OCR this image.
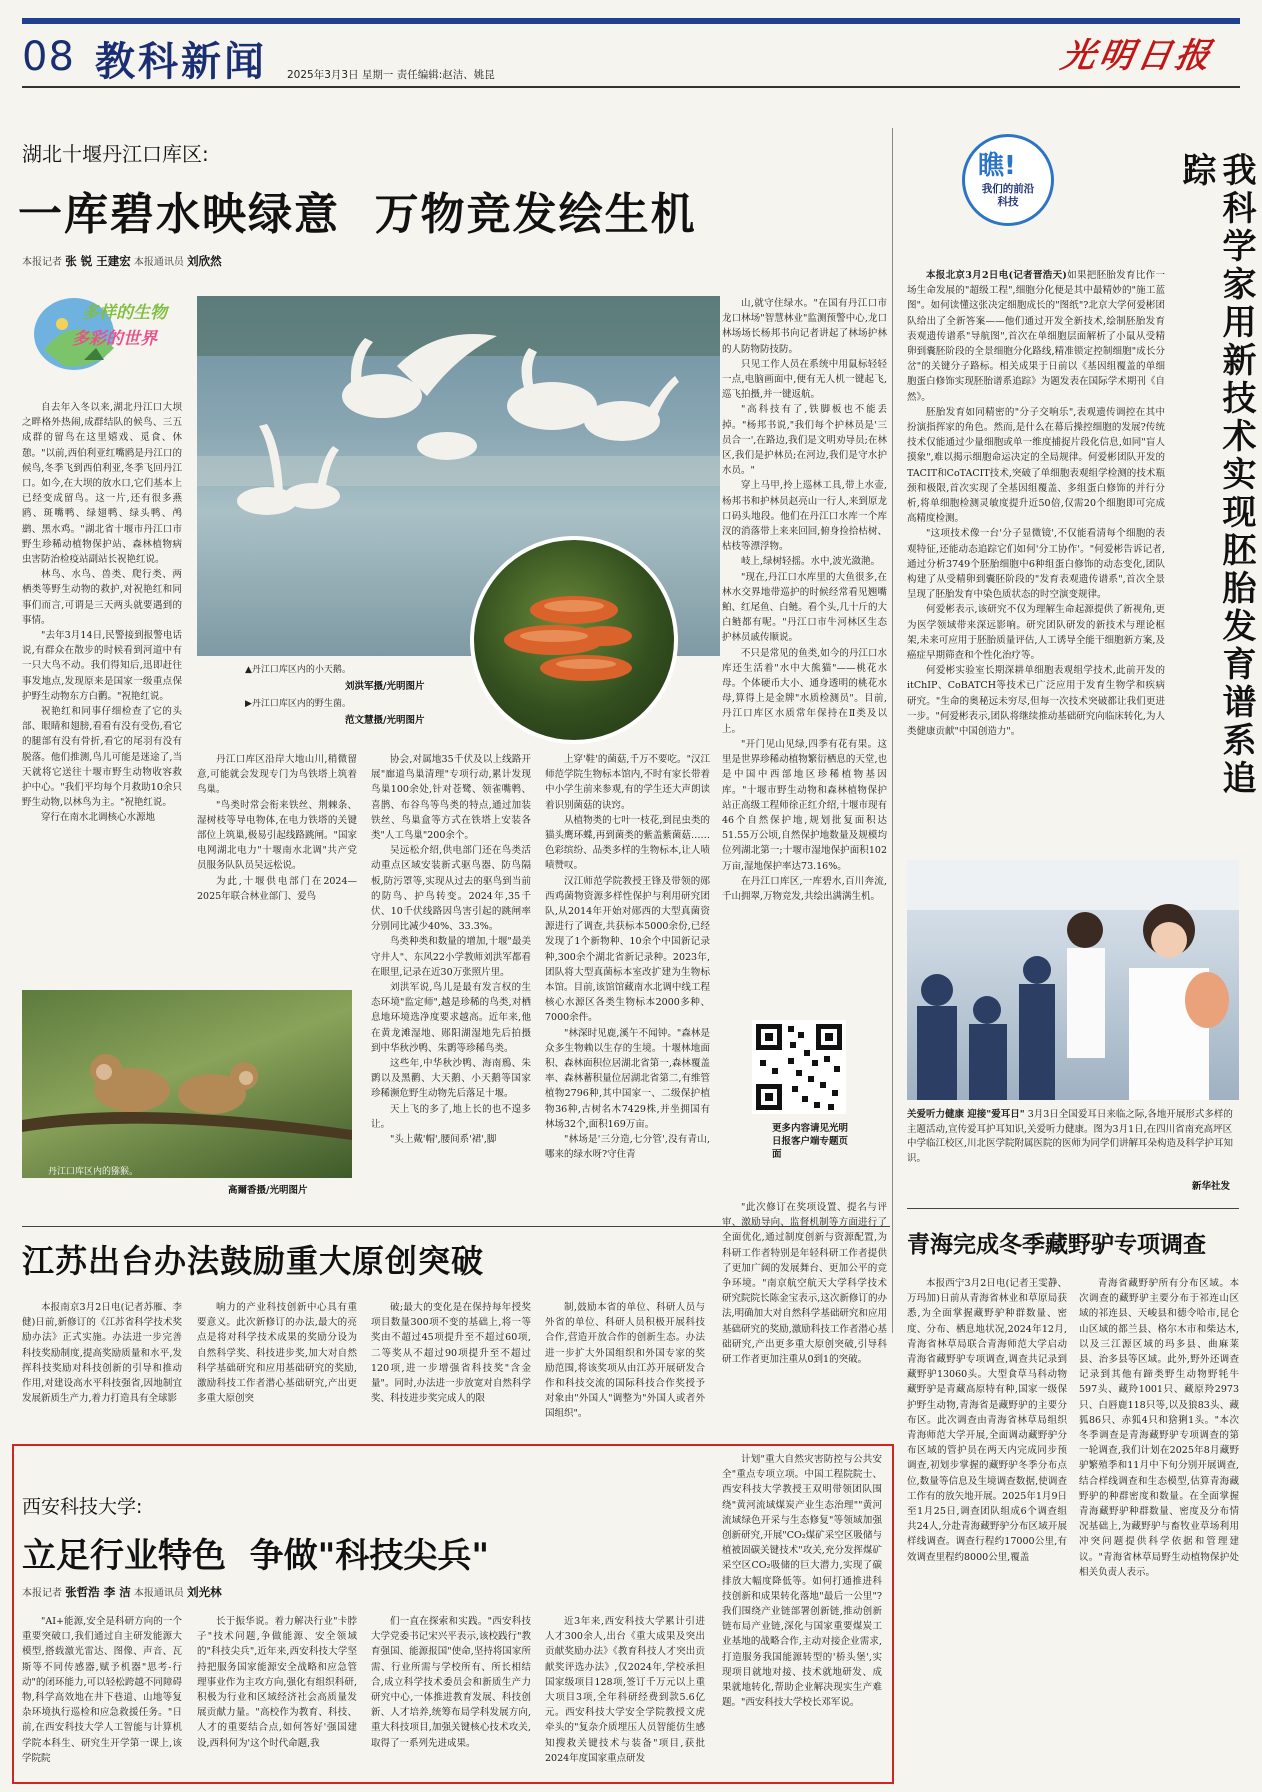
08 教科新闻 2025年3月3日 星期一 责任编辑:赵洁、姚昆	光明日报
湖北十堰丹江口库区:
一库碧水映绿意  万物竞发绘生机
本报记者 张 锐 王建宏 本报通讯员 刘欣然
多样的生物
多彩的世界
▲丹江口库区内的小天鹅。
刘洪军摄/光明图片
▶丹江口库区内的野生菌。
范文慧摄/光明图片

自去年入冬以来,湖北丹江口大坝之畔格外热闹,成群结队的候鸟、三五成群的留鸟在这里嬉戏、觅食、休憩。"以前,西伯利亚红嘴鸥是丹江口的候鸟,冬季飞到西伯利亚,冬季飞回丹江口。如今,在大坝的放水口,它们基本上已经变成留鸟。这一片,还有很多燕鸥、斑嘴鸭、绿翅鸭、绿头鸭、鸬鹚、黑水鸡。"湖北省十堰市丹江口市野生珍稀动植物保护站、森林植物病虫害防治检疫站副站长祝艳红说。

林鸟、水鸟、兽类、爬行类、两栖类等野生动物的救护,对祝艳红和同事们而言,可谓是三天两头就要遇到的事情。

"去年3月14日,民警接到报警电话说,有群众在散步的时候看到河道中有一只大鸟不动。我们得知后,迅即赶往事发地点,发现原来是国家一级重点保护野生动物东方白鹳。"祝艳红说。

祝艳红和同事仔细检查了它的头部、眼睛和翅膀,看看有没有受伤,看它的腿部有没有骨折,看它的尾羽有没有脱落。他们推测,鸟儿可能是迷途了,当天就将它送往十堰市野生动物收容救护中心。"我们平均每个月救助10余只野生动物,以林鸟为主。"祝艳红说。

穿行在南水北调核心水源地

丹江口库区沿岸大地山川,稍微留意,可能就会发现专门为鸟铁塔上筑着鸟巢。

"鸟类时常会衔来铁丝、荆棘条、湿树枝等导电物体,在电力铁塔的关键部位上筑巢,极易引起线路跳闸。"国家电网湖北电力"十堰南水北调"共产党员服务队队员吴远松说。

为此,十堰供电部门在2024—2025年联合林业部门、爱鸟

协会,对属地35千伏及以上线路开展"廊道鸟巢清理"专项行动,累计发现鸟巢100余处,针对苍鹭、领雀嘴鹎、喜鹊、布谷鸟等鸟类的特点,通过加装铁丝、鸟巢盒等方式在铁塔上安装各类"人工鸟巢"200余个。

吴远松介绍,供电部门还在鸟类活动重点区域安装新式驱鸟器、防鸟隔板,防污罩等,实现从过去的驱鸟到当前的防鸟、护鸟转变。2024年,35千伏、10千伏线路因鸟害引起的跳闸率分别同比减少40%、33.3%。

鸟类种类和数量的增加,十堰"最美守井人"、东风22小学教师刘洪军都看在眼里,记录在近30万张照片里。

刘洪军说,鸟儿是最有发言权的生态环境"监定师",越是珍稀的鸟类,对栖息地环境选净度要求越高。近年来,他在黄龙滩湿地、郧阳湖湿地先后拍摄到中华秋沙鸭、朱鹮等珍稀鸟类。

这些年,中华秋沙鸭、海南鳽、朱鹮以及黑鹳、大天鹅、小天鹅等国家珍稀濒危野生动物先后落足十堰。

天上飞的多了,地上长的也不遑多让。

"头上戴'帽',腰间系'裙',脚

上穿'鞋'的菌菇,千万不要吃。"汉江师范学院生物标本馆内,不时有家长带着中小学生前来参观,有的学生还大声朗读着识别菌菇的诀窍。

从植物类的七叶一枝花,到昆虫类的猫头鹰环蝶,再到菌类的紫盖紫菌菇……色彩缤纷、品类多样的生物标本,让人啧啧赞叹。

汉江师范学院教授王锋及带领的郧西鸡菌物资源多样性保护与利用研究团队,从2014年开始对郧西的大型真菌资源进行了调查,共获标本5000余份,已经发现了1个新物种、10余个中国新记录种,300余个湖北省新记录种。2023年,团队将大型真菌标本室改扩建为生物标本馆。目前,该馆馆藏南水北调中线工程核心水源区各类生物标本2000多种、7000余件。

"林深时见鹿,溪午不闻钟。"森林是众多生物赖以生存的生境。十堰林地面积、森林面积位居湖北省第一,森林覆盖率、森林蓄积量位居湖北省第二,有维管植物2796种,其中国家一、二级保护植物36种,古树名木7429株,并坐拥国有林场32个,面积169万亩。

"林场是'三分造,七分管',没有青山,哪来的绿水呀?守住青

山,就守住绿水。"在国有丹江口市龙口林场"智慧林业"监测预警中心,龙口林场场长杨邦书向记者讲起了林场护林的人防物防技防。

只见工作人员在系统中用鼠标轻轻一点,电脑画面中,便有无人机一键起飞,巡飞拍摄,并一键返航。

"高科技有了,铁脚板也不能丢掉。"杨邦书说,"我们每个护林员是'三员合一',在路边,我们是文明劝导员;在林区,我们是护林员;在河边,我们是守水护水员。"

穿上马甲,拎上巡林工具,带上水壶,杨邦书和护林员赵亮山一行人,来到原龙口码头地段。他们在丹江口水库一个库汊的消落带上来来回回,俯身捡拾枯树、枯枝等漂浮物。

岐上,绿树轻摇。水中,波光潋滟。

"现在,丹江口水库里的大鱼很多,在林水交界地带巡护的时候经常看见翘嘴鲌、红尾鱼、白鲢。看个头,几十斤的大白鲢都有呢。"丹江口市牛河林区生态护林员戚传顺说。

不只是常见的鱼类,如今的丹江口水库还生活着"水中大熊猫"——桃花水母。个体硬币大小、通身透明的桃花水母,算得上是金牌"水质检测员"。目前,丹江口库区水质常年保持在Ⅱ类及以上。

"开门见山见绿,四季有花有果。这里是世界珍稀动植物繁衍栖息的天堂,也是中国中西部地区珍稀植物基因库。"十堰市野生动物和森林植物保护站正高级工程师徐正红介绍,十堰市现有46个自然保护地,规划批复面积达51.55万公顷,自然保护地数量及规模均位列湖北第一;十堰市湿地保护面积102万亩,湿地保护率达73.16%。

在丹江口库区,一库碧水,百川奔流,千山拥翠,万物竞发,共绘出满满生机。

丹江口库区内的猕猴。
高爾香摄/光明图片
更多内容请见光明日报客户端专题页面
瞧!
我们的前沿科技	我科学家用新技术实现胚胎发育谱系追踪

本报北京3月2日电(记者晋浩天)如果把胚胎发育比作一场生命发展的"超级工程",细胞分化便是其中最精妙的"施工蓝图"。如何读懂这张决定细胞成长的"图纸"?北京大学何爱彬团队给出了全新答案——他们通过开发全新技术,绘制胚胎发育表观遗传谱系"导航图",首次在单细胞层面解析了小鼠从受精卵到囊胚阶段的全景细胞分化路线,精准锁定控制细胞"成长分岔"的关键分子路标。相关成果于日前以《基因组覆盖的单细胞蛋白修饰实现胚胎谱系追踪》为题发表在国际学术期刊《自然》。

胚胎发育如同精密的"分子交响乐",表观遗传调控在其中扮演指挥家的角色。然而,是什么在幕后操控细胞的发展?传统技术仅能通过少量细胞或单一维度捕捉片段化信息,如同"盲人摸象",难以揭示细胞命运决定的全局规律。何爱彬团队开发的TACIT和CoTACIT技术,突破了单细胞表观组学检测的技术瓶颈和极限,首次实现了全基因组覆盖、多组蛋白修饰的并行分析,将单细胞检测灵敏度提升近50倍,仅需20个细胞即可完成高精度检测。

"这项技术像一台'分子显微镜',不仅能看清每个细胞的表观特征,还能动态追踪它们如何'分工协作'。"何爱彬告诉记者,通过分析3749个胚胎细胞中6种组蛋白修饰的动态变化,团队构建了从受精卵到囊胚阶段的"发育表观遗传谱系",首次全景呈现了胚胎发育中染色质状态的时空演变规律。

何爱彬表示,该研究不仅为理解生命起源提供了新视角,更为医学领域带来深远影响。研究团队研发的新技术与理论框架,未来可应用于胚胎质量评估,人工诱导全能干细胞新方案,及癌症早期筛查和个性化治疗等。

何爱彬实验室长期深耕单细胞表观组学技术,此前开发的itChIP、CoBATCH等技术已广泛应用于发育生物学和疾病研究。"生命的奥秘远未穷尽,但每一次技术突破都让我们更进一步。"何爱彬表示,团队将继续推动基础研究向临床转化,为人类健康贡献"中国创造力"。

关爱听力健康 迎接"爱耳日" 3月3日全国爱耳日来临之际,各地开展形式多样的主题活动,宣传爱耳护耳知识,关爱听力健康。图为3月1日,在四川省南充高坪区中学临江校区,川北医学院附属医院的医师为同学们讲解耳朵构造及科学护耳知识。
新华社发
江苏出台办法鼓励重大原创突破

本报南京3月2日电(记者苏雁、李健)日前,新修订的《江苏省科学技术奖励办法》正式实施。办法进一步完善科技奖励制度,提高奖励质量和水平,发挥科技奖励对科技创新的引导和推动作用,对建设高水平科技强省,因地制宜发展新质生产力,着力打造具有全球影

响力的产业科技创新中心具有重要意义。此次新修订的办法,最大的亮点是将对科学技术成果的奖励分设为自然科学奖、科技进步奖,加大对自然科学基础研究和应用基础研究的奖励,激励科技工作者潜心基础研究,产出更多重大原创突

破;最大的变化是在保持每年授奖项目数量300项不变的基础上,将一等奖由不超过45项提升至不超过60项,二等奖从不超过90项提升至不超过120项,进一步增强省科技奖"含金量"。同时,办法进一步放宽对自然科学奖、科技进步奖完成人的限

制,鼓励本省的单位、科研人员与外省的单位、科研人员积极开展科技合作,营造开放合作的创新生态。办法进一步扩大外国组织和外国专家的奖励范围,将该奖项从由江苏开展研发合作和科技交流的国际科技合作奖授予对象由"外国人"调整为"外国人或者外国组织"。

"此次修订在奖项设置、提名与评审、激励导向、监督机制等方面进行了全面优化,通过制度创新与资源配置,为科研工作者特别是年轻科研工作者提供了更加广阔的发展舞台、更加公平的竞争环境。"南京航空航天大学科学技术研究院院长陈金宝表示,这次新修订的办法,明确加大对自然科学基础研究和应用基础研究的奖励,激励科技工作者潜心基础研究,产出更多重大原创突破,引导科研工作者更加注重从0到1的突破。

西安科技大学:
立足行业特色  争做"科技尖兵"
本报记者 张哲浩 李 洁 本报通讯员 刘光林

"AI+能源,安全是科研方向的一个重要突破口,我们通过自主研发能源大模型,搭载激光雷达、图像、声音、瓦斯等不同传感器,赋予机器"思考-行动"的闭环能力,可以轻松跨越不同障碍物,科学高效地在井下巷道、山地等复杂环境执行巡检和应急救援任务。"日前,在西安科技大学人工智能与计算机学院本科生、研究生开学第一课上,该学院院

长于振华说。着力解决行业"卡脖子"技术问题,争做能源、安全领域的"科技尖兵",近年来,西安科技大学坚持把服务国家能源安全战略和应急管理事业作为主攻方向,强化有组织科研,积极为行业和区域经济社会高质量发展贡献力量。"高校作为教育、科技、人才的重要结合点,如何答好'强国建设,西科何为'这个时代命题,我

们一直在探索和实践。"西安科技大学党委书记宋兴平表示,该校践行"教育强国、能源报国"使命,坚持将国家所需、行业所需与学校所有、所长相结合,成立科学技术委员会和新质生产力研究中心,一体推进教育发展、科技创新、人才培养,统筹布局学科发展方向,重大科技项目,加强关键核心技术攻关,取得了一系列先进成果。

近3年来,西安科技大学累计引进人才300余人,出台《重大成果及突出贡献奖励办法》《教育科技人才突出贡献奖评选办法》,仅2024年,学校承担国家级项目128项,签订千万元以上重大项目3项,全年科研经费到款5.6亿元。西安科技大学安全学院教授文虎牵头的"复杂介质埋压人员智能仿生感知搜救关键技术与装备"项目,获批2024年度国家重点研发

计划"重大自然灾害防控与公共安全"重点专项立项。中国工程院院士、西安科技大学教授王双明带领团队围绕"黄河流域煤炭产业生态治理""黄河流域绿色开采与生态修复"等领域加强创新研究,开展"CO₂煤矿采空区吸储与植被固碳关键技术"攻关,充分发挥煤矿采空区CO₂吸储的巨大潜力,实现了碳排放大幅度降低等。如何打通推进科技创新和成果转化落地"最后一公里"?我们围绕产业链部署创新链,推动创新链布局产业链,深化与国家重要煤炭工业基地的战略合作,主动对接企业需求,打造服务我国能源转型的'桥头堡',实现项目就地对接、技术就地研发、成果就地转化,帮助企业解决现实生产难题。"西安科技大学校长邓军说。

青海完成冬季藏野驴专项调查

本报西宁3月2日电(记者王雯静、万玛加)日前从青海省林业和草原局获悉,为全面掌握藏野驴种群数量、密度、分布、栖息地状况,2024年12月,青海省林草局联合青海师范大学启动青海省藏野驴专项调查,调查共记录到藏野驴13060头。大型食草马科动物藏野驴是青藏高原特有种,国家一级保护野生动物,青海省是藏野驴的主要分布区。此次调查由青海省林草局组织青海师范大学开展,全面调动藏野驴分布区域的管护员在两天内完成同步预调查,初划步掌握的藏野驴冬季分布点位,数量等信息及生境调查数据,使调查工作有的放矢地开展。2025年1月9日至1月25日,调查团队组成6个调查组共24人,分赴青海藏野驴分布区域开展样线调查。调查行程约17000公里,有效调查里程约8000公里,覆盖

青海省藏野驴所有分布区域。本次调查的藏野驴主要分布于祁连山区域的祁连县、天峻县和德令哈市,昆仑山区域的都兰县、格尔木市和柴达木,以及三江源区域的玛多县、曲麻莱县、治多县等区域。此外,野外还调查记录到其他有蹄类野生动物野牦牛597头、藏羚1001只、藏原羚2973只、白唇鹿118只等,以及狼83头、藏狐86只、赤狐4只和猞猁1头。"本次冬季调查是青海藏野驴专项调查的第一轮调查,我们计划在2025年8月藏野驴繁殖季和11月中下旬分别开展调查,结合样线调查和生态模型,估算青海藏野驴的种群密度和数量。在全面掌握青海藏野驴种群数量、密度及分布情况基础上,为藏野驴与畜牧业草场利用冲突问题提供科学依据和管理建议。"青海省林草局野生动植物保护处相关负责人表示。
